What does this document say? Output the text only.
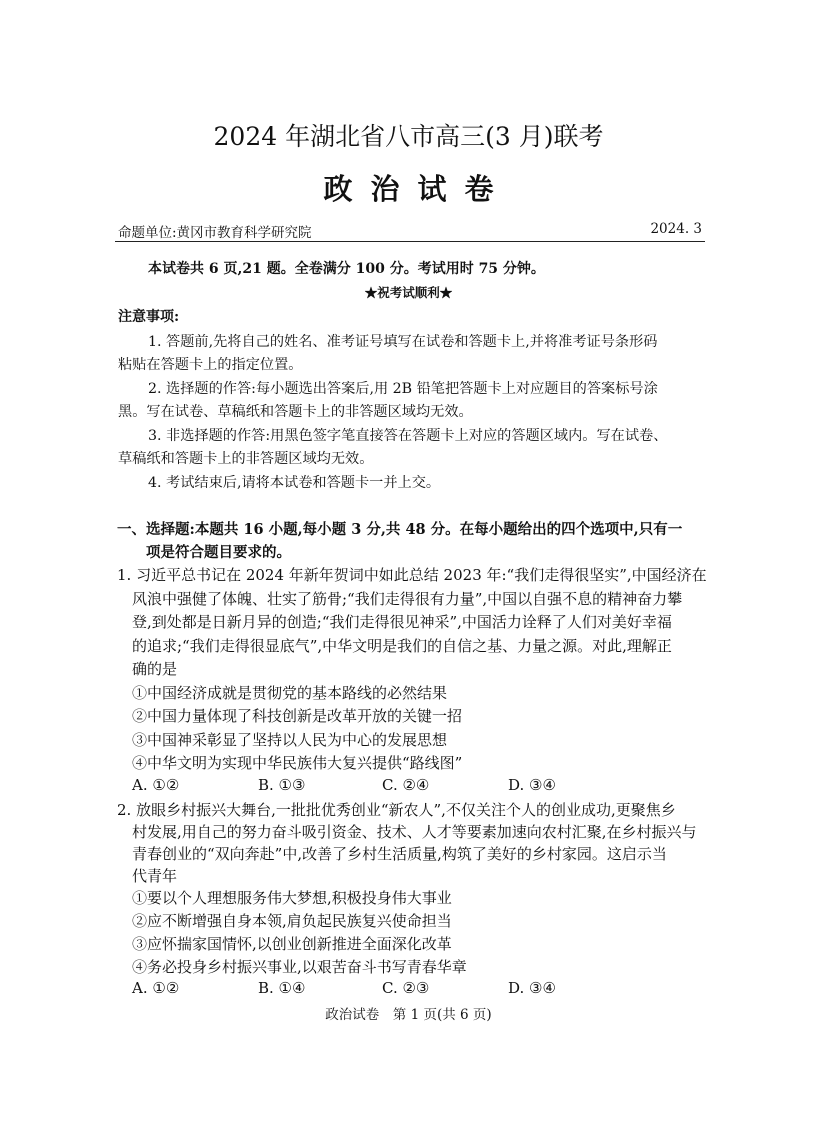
2024 年湖北省八市高三(3 月)联考
政治试卷
命题单位:黄冈市教育科学研究院	2024. 3
本试卷共 6 页,21 题。全卷满分 100 分。考试用时 75 分钟。
★祝考试顺利★
注意事项:
1. 答题前,先将自己的姓名、准考证号填写在试卷和答题卡上,并将准考证号条形码
粘贴在答题卡上的指定位置。
2. 选择题的作答:每小题选出答案后,用 2B 铅笔把答题卡上对应题目的答案标号涂
黑。写在试卷、草稿纸和答题卡上的非答题区域均无效。
3. 非选择题的作答:用黑色签字笔直接答在答题卡上对应的答题区域内。写在试卷、
草稿纸和答题卡上的非答题区域均无效。
4. 考试结束后,请将本试卷和答题卡一并上交。
一、选择题:本题共 16 小题,每小题 3 分,共 48 分。在每小题给出的四个选项中,只有一
项是符合题目要求的。
1. 习近平总书记在 2024 年新年贺词中如此总结 2023 年:“我们走得很坚实”,中国经济在
风浪中强健了体魄、壮实了筋骨;“我们走得很有力量”,中国以自强不息的精神奋力攀
登,到处都是日新月异的创造;“我们走得很见神采”,中国活力诠释了人们对美好幸福
的追求;“我们走得很显底气”,中华文明是我们的自信之基、力量之源。对此,理解正
确的是
①中国经济成就是贯彻党的基本路线的必然结果
②中国力量体现了科技创新是改革开放的关键一招
③中国神采彰显了坚持以人民为中心的发展思想
④中华文明为实现中华民族伟大复兴提供“路线图”
A. ①②	B. ①③	C. ②④	D. ③④
2. 放眼乡村振兴大舞台,一批批优秀创业“新农人”,不仅关注个人的创业成功,更聚焦乡
村发展,用自己的努力奋斗吸引资金、技术、人才等要素加速向农村汇聚,在乡村振兴与
青春创业的“双向奔赴”中,改善了乡村生活质量,构筑了美好的乡村家园。这启示当
代青年
①要以个人理想服务伟大梦想,积极投身伟大事业
②应不断增强自身本领,肩负起民族复兴使命担当
③应怀揣家国情怀,以创业创新推进全面深化改革
④务必投身乡村振兴事业,以艰苦奋斗书写青春华章
A. ①②	B. ①④	C. ②③	D. ③④
政治试卷　第 1 页(共 6 页)
